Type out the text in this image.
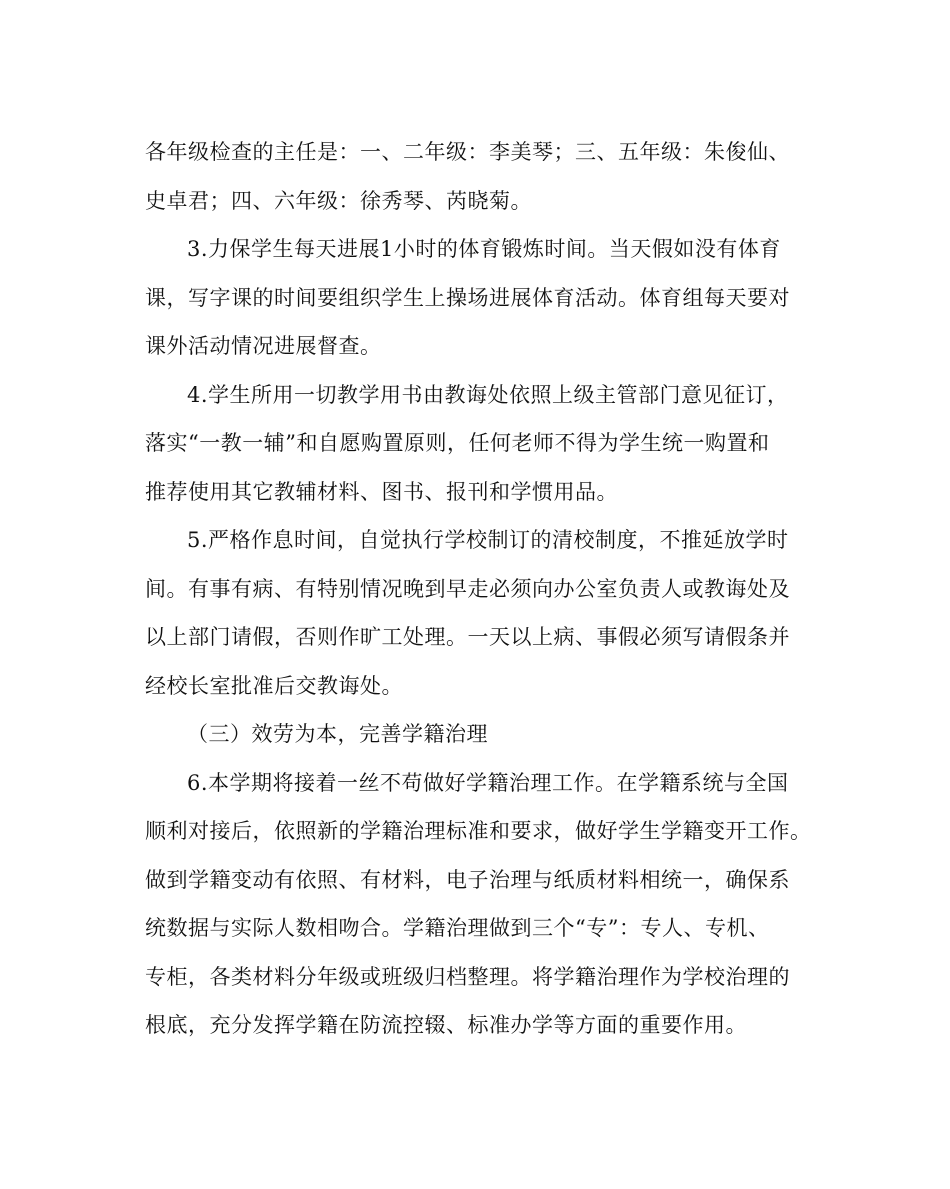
各年级检查的主任是：一、二年级：李美琴；三、五年级：朱俊仙、
史卓君；四、六年级：徐秀琴、芮晓菊。
3.力保学生每天进展1小时的体育锻炼时间。当天假如没有体育
课，写字课的时间要组织学生上操场进展体育活动。体育组每天要对
课外活动情况进展督查。
4.学生所用一切教学用书由教诲处依照上级主管部门意见征订，
落实“一教一辅”和自愿购置原则，任何老师不得为学生统一购置和
推荐使用其它教辅材料、图书、报刊和学惯用品。
5.严格作息时间，自觉执行学校制订的清校制度，不推延放学时
间。有事有病、有特别情况晚到早走必须向办公室负责人或教诲处及
以上部门请假，否则作旷工处理。一天以上病、事假必须写请假条并
经校长室批准后交教诲处。
（三）效劳为本，完善学籍治理
6.本学期将接着一丝不苟做好学籍治理工作。在学籍系统与全国
顺利对接后，依照新的学籍治理标准和要求，做好学生学籍变开工作。
做到学籍变动有依照、有材料，电子治理与纸质材料相统一，确保系
统数据与实际人数相吻合。学籍治理做到三个“专”：专人、专机、
专柜，各类材料分年级或班级归档整理。将学籍治理作为学校治理的
根底，充分发挥学籍在防流控辍、标准办学等方面的重要作用。
